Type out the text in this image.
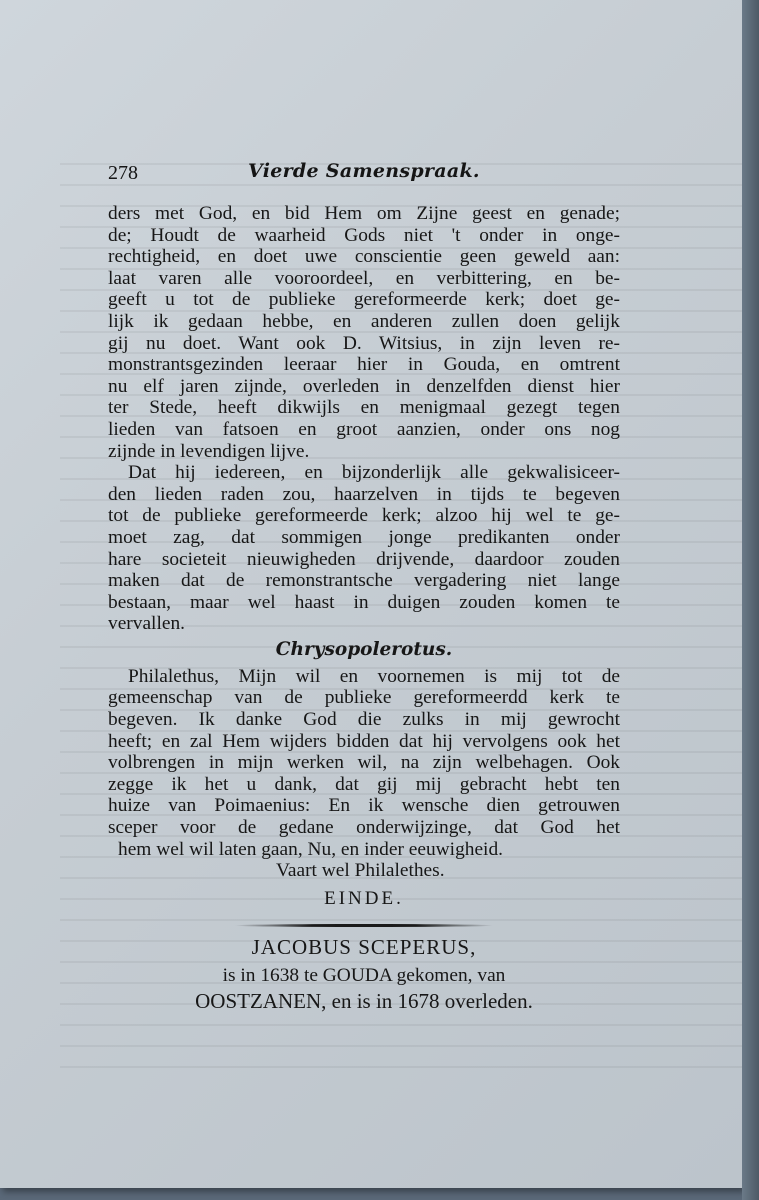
278	Vierde Samenspraak.
ders met God, en bid Hem om Zijne geest en genade;
de; Houdt de waarheid Gods niet 't onder in onge-
rechtigheid, en doet uwe conscientie geen geweld aan:
laat varen alle vooroordeel, en verbittering, en be-
geeft u tot de publieke gereformeerde kerk; doet ge-
lijk ik gedaan hebbe, en anderen zullen doen gelijk
gij nu doet. Want ook D. Witsius, in zijn leven re-
monstrantsgezinden leeraar hier in Gouda, en omtrent
nu elf jaren zijnde, overleden in denzelfden dienst hier
ter Stede, heeft dikwijls en menigmaal gezegt tegen
lieden van fatsoen en groot aanzien, onder ons nog
zijnde in levendigen lijve.
Dat hij iedereen, en bijzonderlijk alle gekwalisiceer-
den lieden raden zou, haarzelven in tijds te begeven
tot de publieke gereformeerde kerk; alzoo hij wel te ge-
moet zag, dat sommigen jonge predikanten onder
hare societeit nieuwigheden drijvende, daardoor zouden
maken dat de remonstrantsche vergadering niet lange
bestaan, maar wel haast in duigen zouden komen te
vervallen.
Chrysopolerotus.
Philalethus, Mijn wil en voornemen is mij tot de
gemeenschap van de publieke gereformeerdd kerk te
begeven. Ik danke God die zulks in mij gewrocht
heeft; en zal Hem wijders bidden dat hij vervolgens ook het
volbrengen in mijn werken wil, na zijn welbehagen. Ook
zegge ik het u dank, dat gij mij gebracht hebt ten
huize van Poimaenius: En ik wensche dien getrouwen
sceper voor de gedane onderwijzinge, dat God het
hem wel wil laten gaan, Nu, en inder eeuwigheid.
Vaart wel Philalethes.
EINDE.
JACOBUS SCEPERUS,
is in 1638 te GOUDA gekomen, van
OOSTZANEN, en is in 1678 overleden.
